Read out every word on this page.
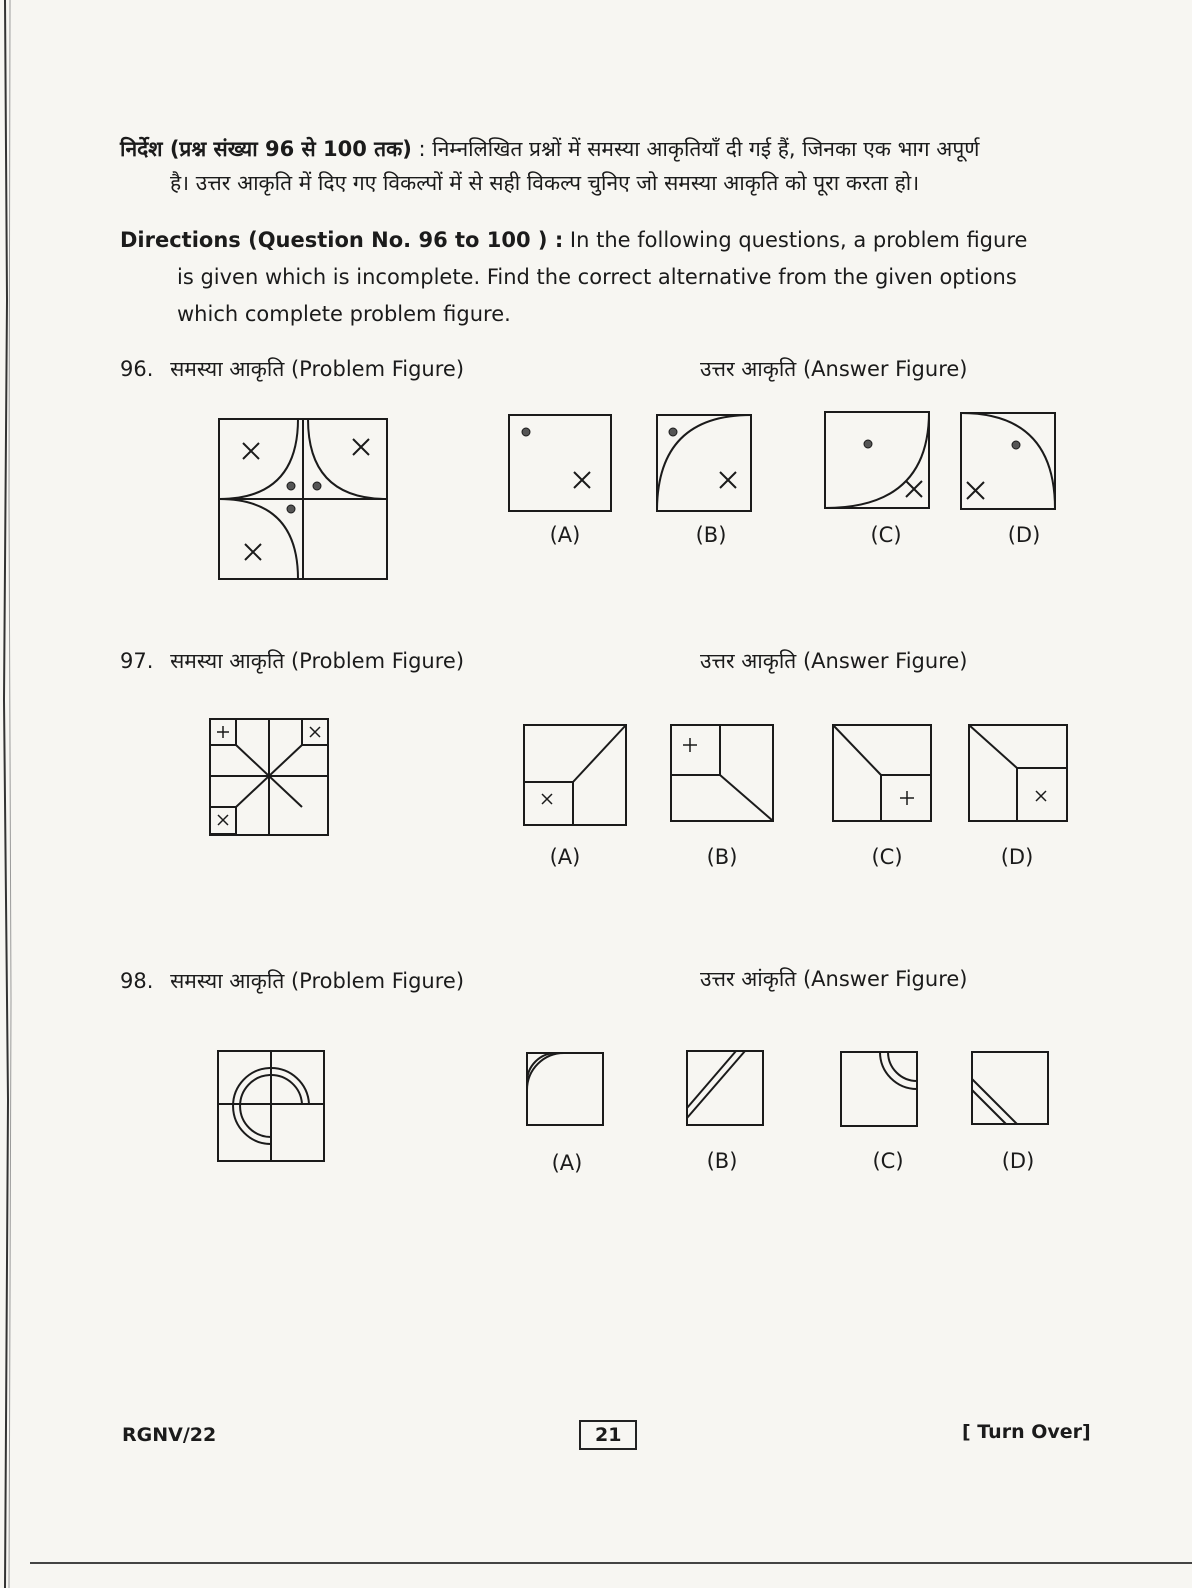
निर्देश (प्रश्न संख्या 96 से 100 तक) : निम्नलिखित प्रश्नों में समस्या आकृतियाँ दी गई हैं, जिनका एक भाग अपूर्ण
है। उत्तर आकृति में दिए गए विकल्पों में से सही विकल्प चुनिए जो समस्या आकृति को पूरा करता हो।
Directions (Question No. 96 to 100 ) : In the following questions, a problem figure
is given which is incomplete. Find the correct alternative from the given options
which complete problem figure.
96. समस्या आकृति (Problem Figure)	उत्तर आकृति (Answer Figure)
(A)	(B)	(C)	(D)
97. समस्या आकृति (Problem Figure)	उत्तर आकृति (Answer Figure)
(A)	(B)	(C)	(D)
98. समस्या आकृति (Problem Figure)	उत्तर आंकृति (Answer Figure)
(A)	(B)	(C)	(D)
RGNV/22	21	[ Turn Over]
